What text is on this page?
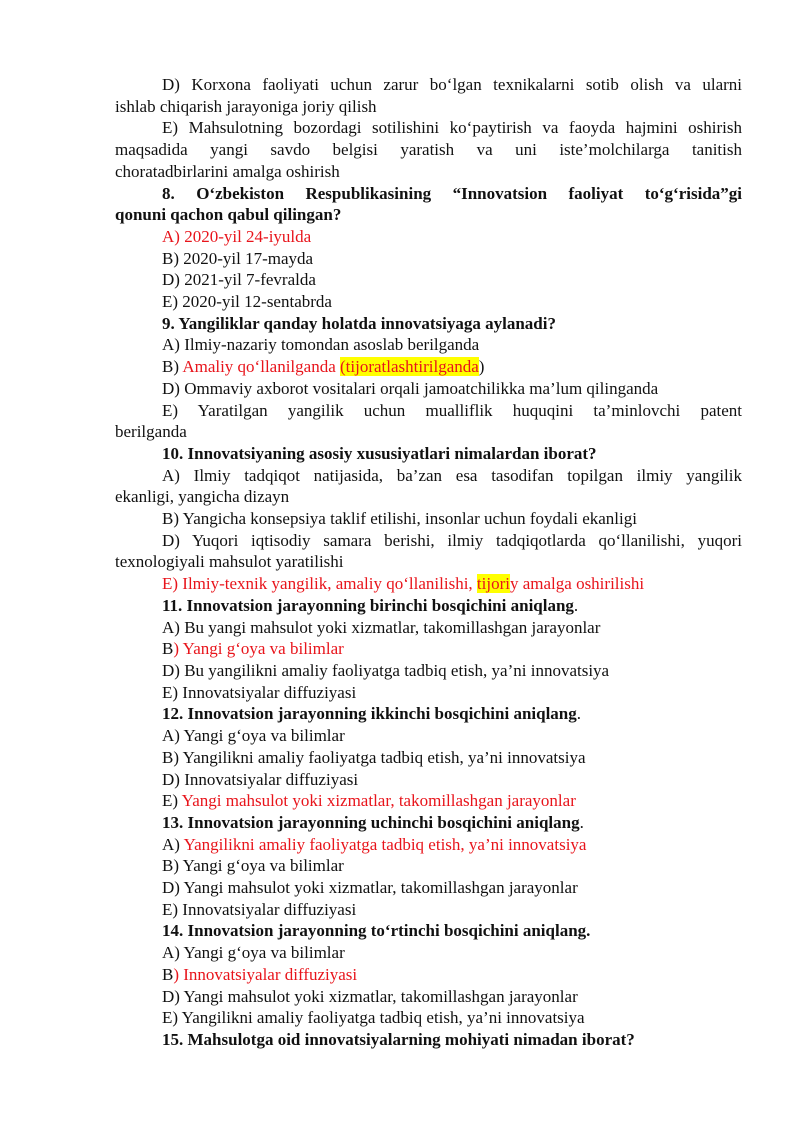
D) Korxona faoliyati uchun zarur bo‘lgan texnikalarni sotib olish va ularni
ishlab chiqarish jarayoniga joriy qilish
E) Mahsulotning bozordagi sotilishini ko‘paytirish va faoyda hajmini oshirish
maqsadida yangi savdo belgisi yaratish va uni iste’molchilarga tanitish
choratadbirlarini amalga oshirish
8. O‘zbekiston Respublikasining “Innovatsion faoliyat to‘g‘risida”gi
qonuni qachon qabul qilingan?
A) 2020-yil 24-iyulda
B) 2020-yil 17-mayda
D) 2021-yil 7-fevralda
E) 2020-yil 12-sentabrda
9. Yangiliklar qanday holatda innovatsiyaga aylanadi?
A) Ilmiy-nazariy tomondan asoslab berilganda
B) Amaliy qo‘llanilganda (tijoratlashtirilganda)
D) Ommaviy axborot vositalari orqali jamoatchilikka ma’lum qilinganda
E) Yaratilgan yangilik uchun mualliflik huquqini ta’minlovchi patent
berilganda
10. Innovatsiyaning asosiy xususiyatlari nimalardan iborat?
A) Ilmiy tadqiqot natijasida, ba’zan esa tasodifan topilgan ilmiy yangilik
ekanligi, yangicha dizayn
B) Yangicha konsepsiya taklif etilishi, insonlar uchun foydali ekanligi
D) Yuqori iqtisodiy samara berishi, ilmiy tadqiqotlarda qo‘llanilishi, yuqori
texnologiyali mahsulot yaratilishi
E) Ilmiy-texnik yangilik, amaliy qo‘llanilishi, tijoriy amalga oshirilishi
11. Innovatsion jarayonning birinchi bosqichini aniqlang.
A) Bu yangi mahsulot yoki xizmatlar, takomillashgan jarayonlar
B) Yangi g‘oya va bilimlar
D) Bu yangilikni amaliy faoliyatga tadbiq etish, ya’ni innovatsiya
E) Innovatsiyalar diffuziyasi
12. Innovatsion jarayonning ikkinchi bosqichini aniqlang.
A) Yangi g‘oya va bilimlar
B) Yangilikni amaliy faoliyatga tadbiq etish, ya’ni innovatsiya
D) Innovatsiyalar diffuziyasi
E) Yangi mahsulot yoki xizmatlar, takomillashgan jarayonlar
13. Innovatsion jarayonning uchinchi bosqichini aniqlang.
A) Yangilikni amaliy faoliyatga tadbiq etish, ya’ni innovatsiya
B) Yangi g‘oya va bilimlar
D) Yangi mahsulot yoki xizmatlar, takomillashgan jarayonlar
E) Innovatsiyalar diffuziyasi
14. Innovatsion jarayonning to‘rtinchi bosqichini aniqlang.
A) Yangi g‘oya va bilimlar
B) Innovatsiyalar diffuziyasi
D) Yangi mahsulot yoki xizmatlar, takomillashgan jarayonlar
E) Yangilikni amaliy faoliyatga tadbiq etish, ya’ni innovatsiya
15. Mahsulotga oid innovatsiyalarning mohiyati nimadan iborat?
